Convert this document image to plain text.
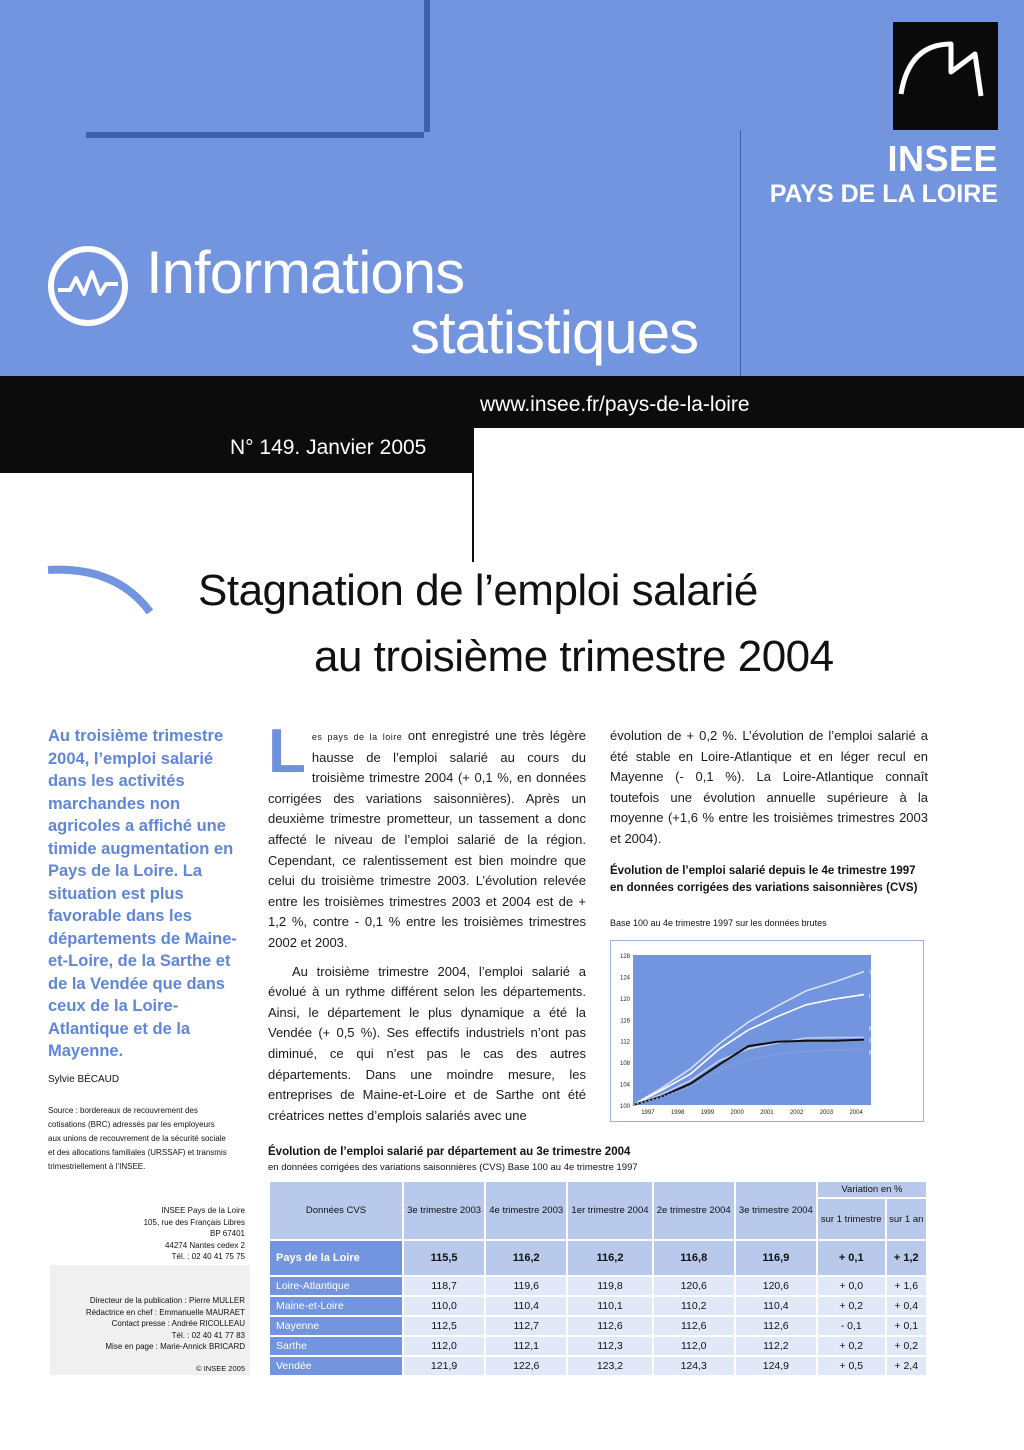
INSEE
PAYS DE LA LOIRE
Informations
statistiques
www.insee.fr/pays-de-la-loire
N° 149. Janvier 2005
Stagnation de l’emploi salarié
au troisième trimestre 2004
Au troisième trimestre 2004, l’emploi salarié dans les activités marchandes non agricoles a affiché une timide augmentation en Pays de la Loire. La situation est plus favorable dans les départements de Maine-et-Loire, de la Sarthe et de la Vendée que dans ceux de la Loire-Atlantique et de la Mayenne.
Sylvie BÉCAUD
Source : bordereaux de recouvrement des cotisations (BRC) adressés par les employeurs aux unions de recouvrement de la sécurité sociale et des allocations familiales (URSSAF) et transmis trimestriellement à l’INSEE.
INSEE Pays de la Loire
105, rue des Français Libres
BP 67401
44274 Nantes cedex 2
Tél. : 02 40 41 75 75
Directeur de la publication : Pierre MULLER
Rédactrice en chef : Emmanuelle MAURAET
Contact presse : Andrée RICOLLEAU
Tél. : 02 40 41 77 83
Mise en page : Marie-Annick BRICARD
© INSEE 2005

Les pays de la loire ont enregistré une très légère hausse de l’emploi salarié au cours du troisième trimestre 2004 (+ 0,1 %, en données corrigées des variations saisonnières). Après un deuxième trimestre prometteur, un tassement a donc affecté le niveau de l’emploi salarié de la région. Cependant, ce ralentissement est bien moindre que celui du troisième trimestre 2003. L’évolution relevée entre les troisièmes trimestres 2003 et 2004 est de + 1,2 %, contre - 0,1 % entre les troisièmes trimestres 2002 et 2003.

Au troisième trimestre 2004, l’emploi salarié a évolué à un rythme différent selon les départements. Ainsi, le département le plus dynamique a été la Vendée (+ 0,5 %). Ses effectifs industriels n’ont pas diminué, ce qui n’est pas le cas des autres départements. Dans une moindre mesure, les entreprises de Maine-et-Loire et de Sarthe ont été créatrices nettes d’emplois salariés avec une

évolution de + 0,2 %. L’évolution de l’emploi salarié a été stable en Loire-Atlantique et en léger recul en Mayenne (- 0,1 %). La Loire-Atlantique connaît toutefois une évolution annuelle supérieure à la moyenne (+1,6 % entre les troisièmes trimestres 2003 et 2004).

Évolution de l’emploi salarié depuis le 4e trimestre 1997 en données corrigées des variations saisonnières (CVS)
Base 100 au 4e trimestre 1997 sur les données brutes
100
104
108
112
116
120
124
128
1997	1998	1999	2000	2001	2002	2003	2004
Vendée
Loire-Atlantique
Mayenne
Sarthe
Maine-et-Loire
Évolution de l’emploi salarié par département au 3e trimestre 2004
en données corrigées des variations saisonnières (CVS) Base 100 au 4e trimestre 1997
Données CVS	3e trimestre 2003	4e trimestre 2003	1er trimestre 2004	2e trimestre 2004	3e trimestre 2004	Variation en %	
						sur 1 trimestre	sur 1 an
Pays de la Loire	115,5	116,2	116,2	116,8	116,9	+ 0,1	+ 1,2
Loire-Atlantique	118,7	119,6	119,8	120,6	120,6	+ 0,0	+ 1,6
Maine-et-Loire	110,0	110,4	110,1	110,2	110,4	+ 0,2	+ 0,4
Mayenne	112,5	112,7	112,6	112,6	112,6	- 0,1	+ 0,1
Sarthe	112,0	112,1	112,3	112,0	112,2	+ 0,2	+ 0,2
Vendée	121,9	122,6	123,2	124,3	124,9	+ 0,5	+ 2,4
